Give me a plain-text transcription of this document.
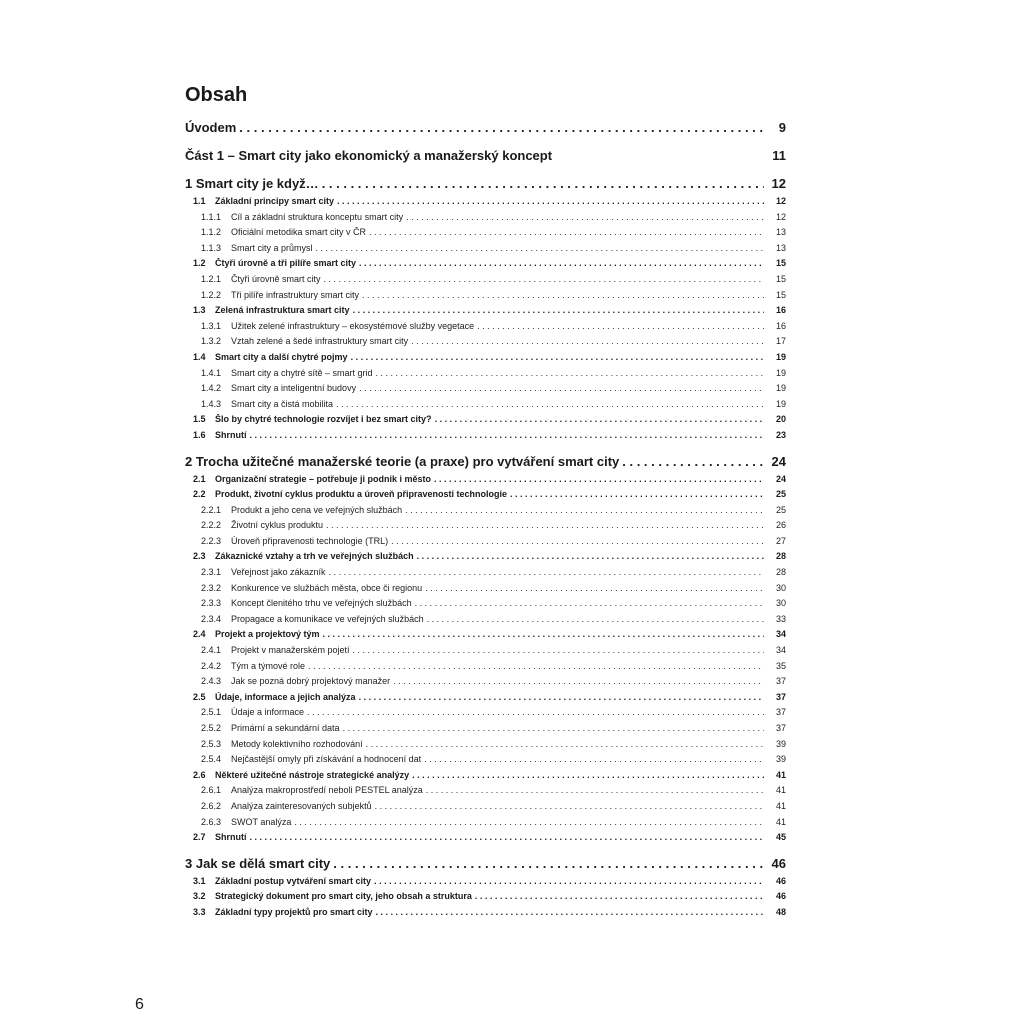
Obsah
Úvodem . . .	9
Část 1 – Smart city jako ekonomický a manažerský koncept	11
1 Smart city je když… . . .	12
1.1 Základní principy smart city . . .	12
1.1.1 Cíl a základní struktura konceptu smart city . . .	12
1.1.2 Oficiální metodika smart city v ČR . . .	13
1.1.3 Smart city a průmysl . . .	13
1.2 Čtyři úrovně a tři pilíře smart city . . .	15
1.2.1 Čtyři úrovně smart city . . .	15
1.2.2 Tři pilíře infrastruktury smart city . . .	15
1.3 Zelená infrastruktura smart city . . .	16
1.3.1 Užitek zelené infrastruktury – ekosystémové služby vegetace . . .	16
1.3.2 Vztah zelené a šedé infrastruktury smart city . . .	17
1.4 Smart city a další chytré pojmy . . .	19
1.4.1 Smart city a chytré sítě – smart grid . . .	19
1.4.2 Smart city a inteligentní budovy . . .	19
1.4.3 Smart city a čistá mobilita . . .	19
1.5 Šlo by chytré technologie rozvíjet i bez smart city? . . .	20
1.6 Shrnutí . . .	23
2 Trocha užitečné manažerské teorie (a praxe) pro vytváření smart city . . .	24
2.1 Organizační strategie – potřebuje ji podnik i město . . .	24
2.2 Produkt, životní cyklus produktu a úroveň připravenosti technologie . . .	25
2.2.1 Produkt a jeho cena ve veřejných službách . . .	25
2.2.2 Životní cyklus produktu . . .	26
2.2.3 Úroveň připravenosti technologie (TRL) . . .	27
2.3 Zákaznické vztahy a trh ve veřejných službách . . .	28
2.3.1 Veřejnost jako zákazník . . .	28
2.3.2 Konkurence ve službách města, obce či regionu . . .	30
2.3.3 Koncept členitého trhu ve veřejných službách . . .	30
2.3.4 Propagace a komunikace ve veřejných službách . . .	33
2.4 Projekt a projektový tým . . .	34
2.4.1 Projekt v manažerském pojetí . . .	34
2.4.2 Tým a týmové role . . .	35
2.4.3 Jak se pozná dobrý projektový manažer . . .	37
2.5 Údaje, informace a jejich analýza . . .	37
2.5.1 Údaje a informace . . .	37
2.5.2 Primární a sekundární data . . .	37
2.5.3 Metody kolektivního rozhodování . . .	39
2.5.4 Nejčastější omyly při získávání a hodnocení dat . . .	39
2.6 Některé užitečné nástroje strategické analýzy . . .	41
2.6.1 Analýza makroprostředí neboli PESTEL analýza . . .	41
2.6.2 Analýza zainteresovaných subjektů . . .	41
2.6.3 SWOT analýza . . .	41
2.7 Shrnutí . . .	45
3 Jak se dělá smart city . . .	46
3.1 Základní postup vytváření smart city . . .	46
3.2 Strategický dokument pro smart city, jeho obsah a struktura . . .	46
3.3 Základní typy projektů pro smart city . . .	48
6
